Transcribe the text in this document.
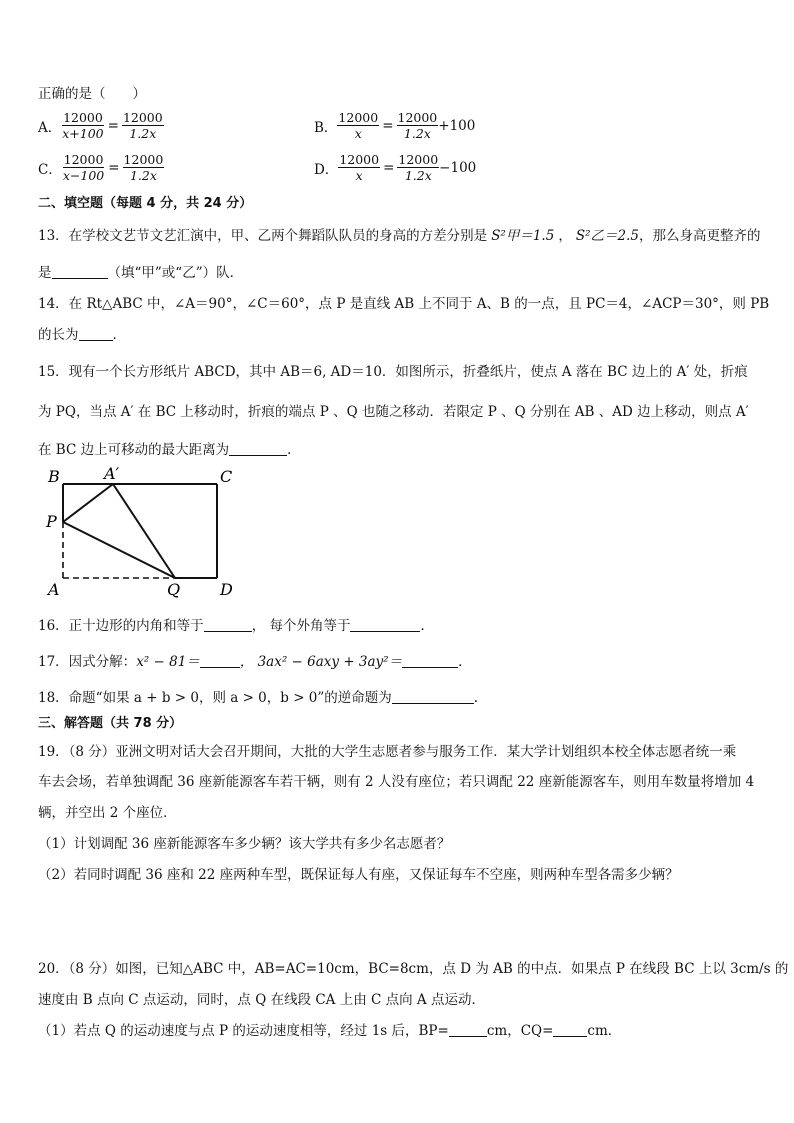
正确的是（　　）
A． $\frac{12000}{x+100} = \frac{12000}{1.2x}$	B． $\frac{12000}{x} = \frac{12000}{1.2x} +100$
C． $\frac{12000}{x-100} = \frac{12000}{1.2x}$	D． $\frac{12000}{x} = \frac{12000}{1.2x} -100$
二、填空题（每题 4 分，共 24 分）
13．在学校文艺节文艺汇演中，甲、乙两个舞蹈队队员的身高的方差分别是 S²甲＝1.5 ， S²乙＝2.5，那么身高更整齐的
是	（填“甲”或“乙”）队．
14．在 Rt△ABC 中，∠A＝90°，∠C＝60°，点 P 是直线 AB 上不同于 A、B 的一点，且 PC＝4，∠ACP＝30°，则 PB
的长为	．
15．现有一个长方形纸片 ABCD，其中 AB＝6, AD＝10．如图所示，折叠纸片，使点 A 落在 BC 边上的 A′ 处，折痕
为 PQ，当点 A′ 在 BC 上移动时，折痕的端点 P 、Q 也随之移动．若限定 P 、Q 分别在 AB 、AD 边上移动，则点 A′
在 BC 边上可移动的最大距离为	．
B	A′	C
P
A	Q D
16．正十边形的内角和等于	， 每个外角等于	．
17．因式分解：x² − 81＝	， 3ax² − 6axy + 3ay²＝	．
18．命题“如果 a + b > 0，则 a > 0，b > 0”的逆命题为	.
三、解答题（共 78 分）
19．（8 分）亚洲文明对话大会召开期间，大批的大学生志愿者参与服务工作．某大学计划组织本校全体志愿者统一乘
车去会场，若单独调配 36 座新能源客车若干辆，则有 2 人没有座位；若只调配 22 座新能源客车，则用车数量将增加 4
辆，并空出 2 个座位．
（1）计划调配 36 座新能源客车多少辆？该大学共有多少名志愿者？
（2）若同时调配 36 座和 22 座两种车型，既保证每人有座，又保证每车不空座，则两种车型各需多少辆？
20．（8 分）如图，已知△ABC 中，AB=AC=10cm，BC=8cm，点 D 为 AB 的中点．如果点 P 在线段 BC 上以 3cm/s 的
速度由 B 点向 C 点运动，同时，点 Q 在线段 CA 上由 C 点向 A 点运动．
（1）若点 Q 的运动速度与点 P 的运动速度相等，经过 1s 后，BP=	cm，CQ=	cm．
